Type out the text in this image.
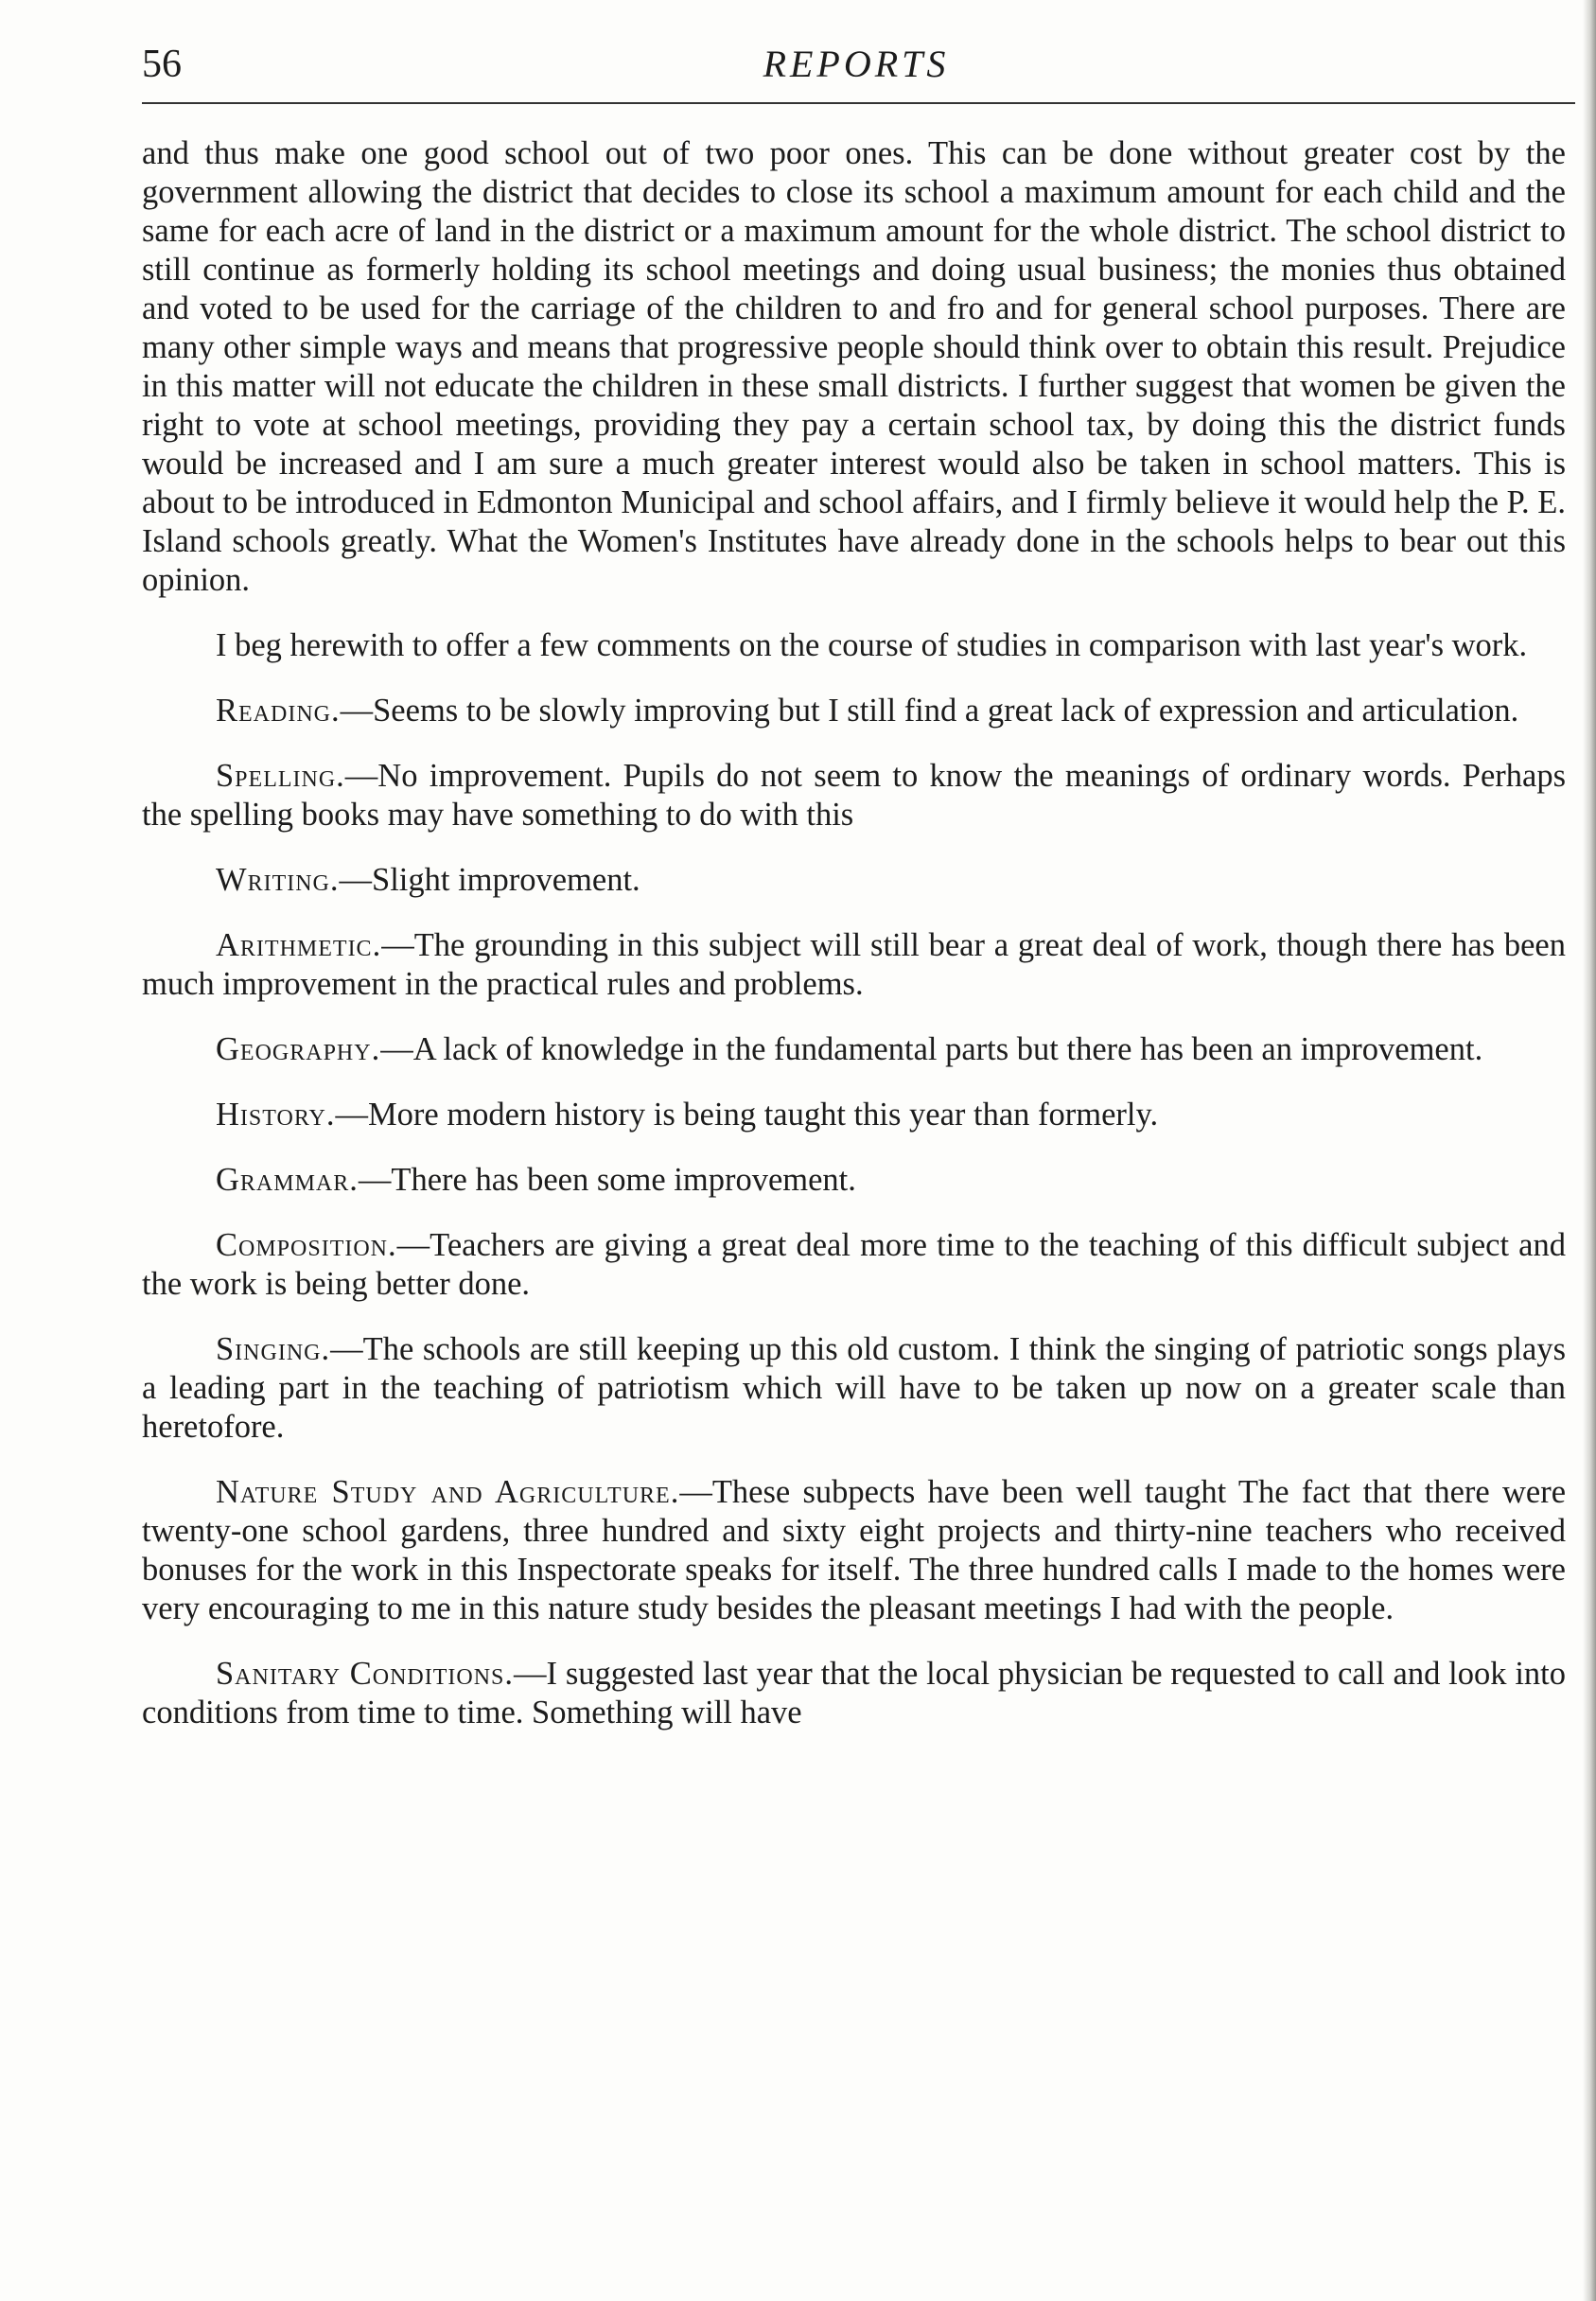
REPORTS
56

and thus make one good school out of two poor ones. This can be done without greater cost by the government allowing the district that decides to close its school a maximum amount for each child and the same for each acre of land in the district or a maximum amount for the whole district. The school district to still continue as formerly holding its school meetings and doing usual business; the monies thus obtained and voted to be used for the carriage of the children to and fro and for general school purposes. There are many other simple ways and means that progressive people should think over to obtain this result. Prejudice in this matter will not educate the children in these small districts. I further suggest that women be given the right to vote at school meetings, providing they pay a certain school tax, by doing this the district funds would be increased and I am sure a much greater interest would also be taken in school matters. This is about to be introduced in Edmonton Municipal and school affairs, and I firmly believe it would help the P. E. Island schools greatly. What the Women's Institutes have already done in the schools helps to bear out this opinion.

I beg herewith to offer a few comments on the course of studies in comparison with last year's work.

Reading.—Seems to be slowly improving but I still find a great lack of expression and articulation.

Spelling.—No improvement. Pupils do not seem to know the meanings of ordinary words. Perhaps the spelling books may have something to do with this

Writing.—Slight improvement.

Arithmetic.—The grounding in this subject will still bear a great deal of work, though there has been much improvement in the practical rules and problems.

Geography.—A lack of knowledge in the fundamental parts but there has been an improvement.

History.—More modern history is being taught this year than formerly.

Grammar.—There has been some improvement.

Composition.—Teachers are giving a great deal more time to the teaching of this difficult subject and the work is being better done.

Singing.—The schools are still keeping up this old custom. I think the singing of patriotic songs plays a leading part in the teaching of patriotism which will have to be taken up now on a greater scale than heretofore.

Nature Study and Agriculture.—These subpects have been well taught The fact that there were twenty-one school gardens, three hundred and sixty eight projects and thirty-nine teachers who received bonuses for the work in this Inspectorate speaks for itself. The three hundred calls I made to the homes were very encouraging to me in this nature study besides the pleasant meetings I had with the people.

Sanitary Conditions.—I suggested last year that the local physician be requested to call and look into conditions from time to time. Something will have
